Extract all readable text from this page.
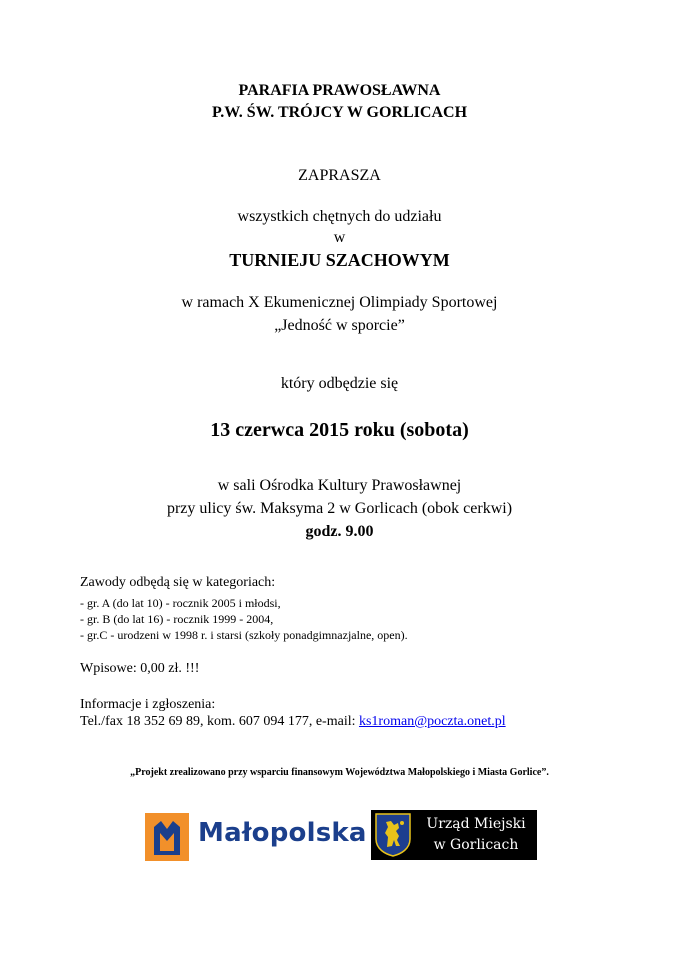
PARAFIA PRAWOSŁAWNA
P.W. ŚW. TRÓJCY W GORLICACH
ZAPRASZA
wszystkich chętnych do udziału
w
TURNIEJU SZACHOWYM
w ramach X Ekumenicznej Olimpiady Sportowej
„Jedność w sporcie”
który odbędzie się
13 czerwca 2015 roku (sobota)
w sali Ośrodka Kultury Prawosławnej
przy ulicy św. Maksyma 2 w Gorlicach (obok cerkwi)
godz. 9.00
Zawody odbędą się w kategoriach:
- gr. A (do lat 10) - rocznik 2005 i młodsi,
- gr. B (do lat 16) - rocznik 1999 - 2004,
- gr.C - urodzeni w 1998 r. i starsi (szkoły ponadgimnazjalne, open).
Wpisowe: 0,00 zł. !!!
Informacje i zgłoszenia:
Tel./fax 18 352 69 89, kom. 607 094 177, e-mail: ks1roman@poczta.onet.pl
„Projekt zrealizowano przy wsparciu finansowym Województwa Małopolskiego i Miasta Gorlice”.
Małopolska	Urząd Miejski
w Gorlicach
